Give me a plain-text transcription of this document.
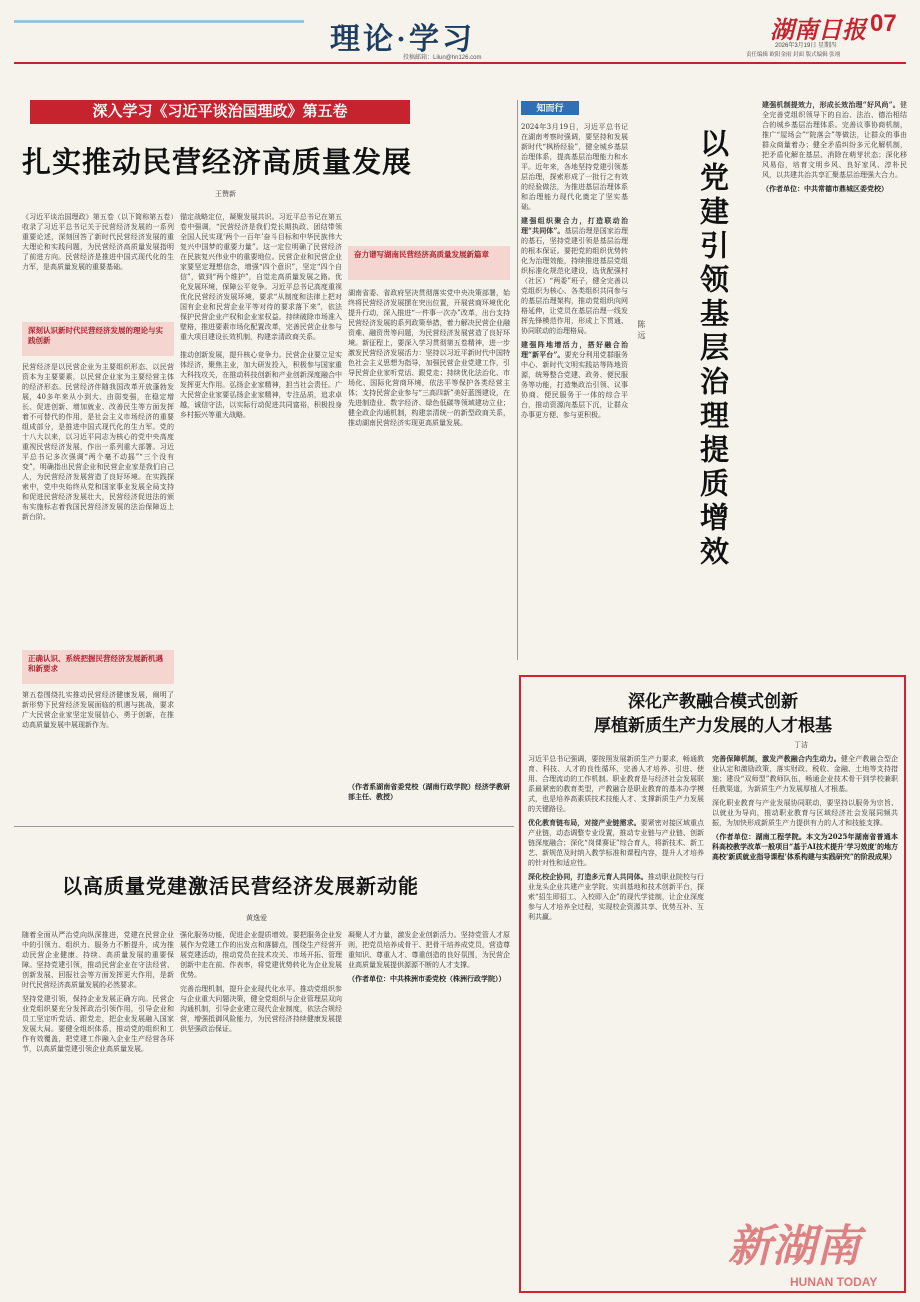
理论·学习
投稿邮箱：Lilun@hn126.com
湖南日报 07
2026年3月19日 星期四
责任编辑 欧阳金雨 封面 版式编辑 张翊
深入学习《习近平谈治国理政》第五卷
扎实推动民营经济高质量发展
王赞新
《习近平谈治国理政》第五卷（以下简称第五卷）收录了习近平总书记关于民营经济发展的一系列重要论述，深刻回答了新时代民营经济发展的重大理论和实践问题，为民营经济高质量发展指明了前进方向。民营经济是推进中国式现代化的生力军，是高质量发展的重要基础。
深刻认识新时代民营经济发展的理论与实践创新
民营经济是以民营企业为主要组织形态、以民营资本为主要要素，以民营企业家为主要经营主体的经济形态。民营经济伴随我国改革开放蓬勃发展，40多年来从小到大、由弱变强，在稳定增长、促进创新、增加就业、改善民生等方面发挥着不可替代的作用，是社会主义市场经济的重要组成部分，是推进中国式现代化的生力军。党的十八大以来，以习近平同志为核心的党中央高度重视民营经济发展，作出一系列重大部署。习近平总书记多次强调“两个毫不动摇”“三个没有变”，明确指出民营企业和民营企业家是我们自己人，为民营经济发展营造了良好环境。在实践探索中，党中央始终从党和国家事业发展全局支持和促进民营经济发展壮大，民营经济促进法的颁布实施标志着我国民营经济发展的法治保障迈上新台阶。
正确认识、系统把握民营经济发展新机遇和新要求
第五卷围绕扎实推动民营经济健康发展，阐明了新形势下民营经济发展面临的机遇与挑战，要求广大民营企业家坚定发展信心，勇于创新，在推动高质量发展中展现新作为。
锚定战略定位，凝聚发展共识。习近平总书记在第五卷中强调，“民营经济是我们党长期执政、团结带领全国人民实现‘两个一百年’奋斗目标和中华民族伟大复兴中国梦的重要力量”。这一定位明确了民营经济在民族复兴伟业中的重要地位。民营企业和民营企业家要坚定理想信念，增强“四个意识”，坚定“四个自信”，做到“两个维护”，自觉走高质量发展之路。优化发展环境，保障公平竞争。习近平总书记高度重视优化民营经济发展环境，要求“从制度和法律上把对国有企业和民营企业平等对待的要求落下来”，依法保护民营企业产权和企业家权益。持续破除市场准入壁格，推进要素市场化配置改革，完善民营企业参与重大项目建设长效机制，构建亲清政商关系。
推动创新发展，提升核心竞争力。民营企业要立足实体经济，聚焦主业，加大研发投入，积极参与国家重大科技攻关，在推动科技创新和产业创新深度融合中发挥更大作用。弘扬企业家精神，担当社会责任。广大民营企业家要弘扬企业家精神，专注品质，追求卓越，诚信守法，以实际行动促进共同富裕，积极投身乡村振兴等重大战略。
奋力谱写湖南民营经济高质量发展新篇章
湖南省委、省政府坚决贯彻落实党中央决策部署，始终将民营经济发展摆在突出位置，开展营商环境优化提升行动，深入推进“一件事一次办”改革，出台支持民营经济发展的系列政策举措，着力解决民营企业融资难、融资贵等问题，为民营经济发展营造了良好环境。新征程上，要深入学习贯彻第五卷精神，进一步激发民营经济发展活力：坚持以习近平新时代中国特色社会主义思想为指导，加强民营企业党建工作，引导民营企业家听党话、跟党走；持续优化法治化、市场化、国际化营商环境，依法平等保护各类经营主体；支持民营企业参与“三高四新”美好蓝图建设，在先进制造业、数字经济、绿色低碳等领域建功立业；健全政企沟通机制，构建亲清统一的新型政商关系，推动湖南民营经济实现更高质量发展。
（作者系湖南省委党校（湖南行政学院）经济学教研部主任、教授）
知而行
2024年3月19日，习近平总书记在湖南考察时强调，要坚持和发展新时代“枫桥经验”，健全城乡基层治理体系，提高基层治理能力和水平。近年来，各地坚持党建引领基层治理，探索形成了一批行之有效的经验做法，为推进基层治理体系和治理能力现代化奠定了坚实基础。
建强组织聚合力，打造联动治理“共同体”。基层治理是国家治理的基石，坚持党建引领是基层治理的根本保证。要把党的组织优势转化为治理效能，持续推进基层党组织标准化规范化建设，选优配强村（社区）“两委”班子，健全完善以党组织为核心、各类组织共同参与的基层治理架构，推动党组织向网格延伸，让党员在基层治理一线发挥先锋模范作用，形成上下贯通、协同联动的治理格局。
建强阵地增活力，搭好融合治理“新平台”。要充分利用党群服务中心、新时代文明实践站等阵地资源，统筹整合党建、政务、便民服务等功能，打造集政治引领、议事协商、便民服务于一体的综合平台，推动资源向基层下沉，让群众办事更方便、参与更积极。
陈远 以党建引领基层治理提质增效
建强机制提效力，形成长效治理“好风尚”。健全完善党组织领导下的自治、法治、德治相结合的城乡基层治理体系。完善议事协商机制，推广“屋场会”“院落会”等做法，让群众的事由群众商量着办；健全矛盾纠纷多元化解机制，把矛盾化解在基层、消除在萌芽状态；深化移风易俗，培育文明乡风、良好家风、淳朴民风，以共建共治共享汇聚基层治理强大合力。
（作者单位：中共常德市鼎城区委党校）
深化产教融合模式创新
厚植新质生产力发展的人才根基
丁洁
习近平总书记强调，要按照发展新质生产力要求，畅通教育、科技、人才的良性循环，完善人才培养、引进、使用、合理流动的工作机制。职业教育是与经济社会发展联系最紧密的教育类型，产教融合是职业教育的基本办学模式，也是培养高素质技术技能人才、支撑新质生产力发展的关键路径。
优化教育链布局，对接产业链需求。要紧密对接区域重点产业链，动态调整专业设置，推动专业链与产业链、创新链深度融合；深化“岗课赛证”综合育人，将新技术、新工艺、新规范及时纳入教学标准和课程内容，提升人才培养的针对性和适应性。
深化校企协同，打造多元育人共同体。推动职业院校与行业龙头企业共建产业学院、实训基地和技术创新平台，探索“招生即招工、入校即入企”的现代学徒制，让企业深度参与人才培养全过程，实现校企资源共享、优势互补、互利共赢。
完善保障机制，激发产教融合内生动力。健全产教融合型企业认定和激励政策，落实财政、税收、金融、土地等支持措施；建设“双师型”教师队伍，畅通企业技术骨干到学校兼职任教渠道，为新质生产力发展厚植人才根基。
深化职业教育与产业发展协同联动，要坚持以服务为宗旨、以就业为导向，推动职业教育与区域经济社会发展同频共振，为加快形成新质生产力提供有力的人才和技能支撑。
（作者单位：湖南工程学院。本文为2025年湖南省普通本科高校教学改革一般项目“基于AI技术提升‘学习效度’的地方高校‘新质就业指导课程’体系构建与实践研究”的阶段成果）
以高质量党建激活民营经济发展新动能
黄逸爱
随着全面从严治党向纵深推进，党建在民营企业中的引领力、组织力、服务力不断提升，成为推动民营企业健康、持续、高质量发展的重要保障。坚持党建引领，推动民营企业在守法经营、创新发展、回报社会等方面发挥更大作用，是新时代民营经济高质量发展的必然要求。
坚持党建引领，保持企业发展正确方向。民营企业党组织要充分发挥政治引领作用，引导企业和员工坚定听党话、跟党走，把企业发展融入国家发展大局。要健全组织体系，推动党的组织和工作有效覆盖，把党建工作融入企业生产经营各环节，以高质量党建引领企业高质量发展。
强化服务功能，促进企业提质增效。要把服务企业发展作为党建工作的出发点和落脚点，围绕生产经营开展党建活动，推动党员在技术攻关、市场开拓、管理创新中走在前、作表率，将党建优势转化为企业发展优势。
完善治理机制，提升企业现代化水平。推动党组织参与企业重大问题决策，健全党组织与企业管理层双向沟通机制，引导企业建立现代企业制度，依法合规经营，增强抵御风险能力，为民营经济持续健康发展提供坚强政治保证。
凝聚人才力量，激发企业创新活力。坚持党管人才原则，把党员培养成骨干、把骨干培养成党员，营造尊重知识、尊重人才、尊重创造的良好氛围，为民营企业高质量发展提供源源不断的人才支撑。
（作者单位：中共株洲市委党校（株洲行政学院））
新湖南
HUNAN TODAY
